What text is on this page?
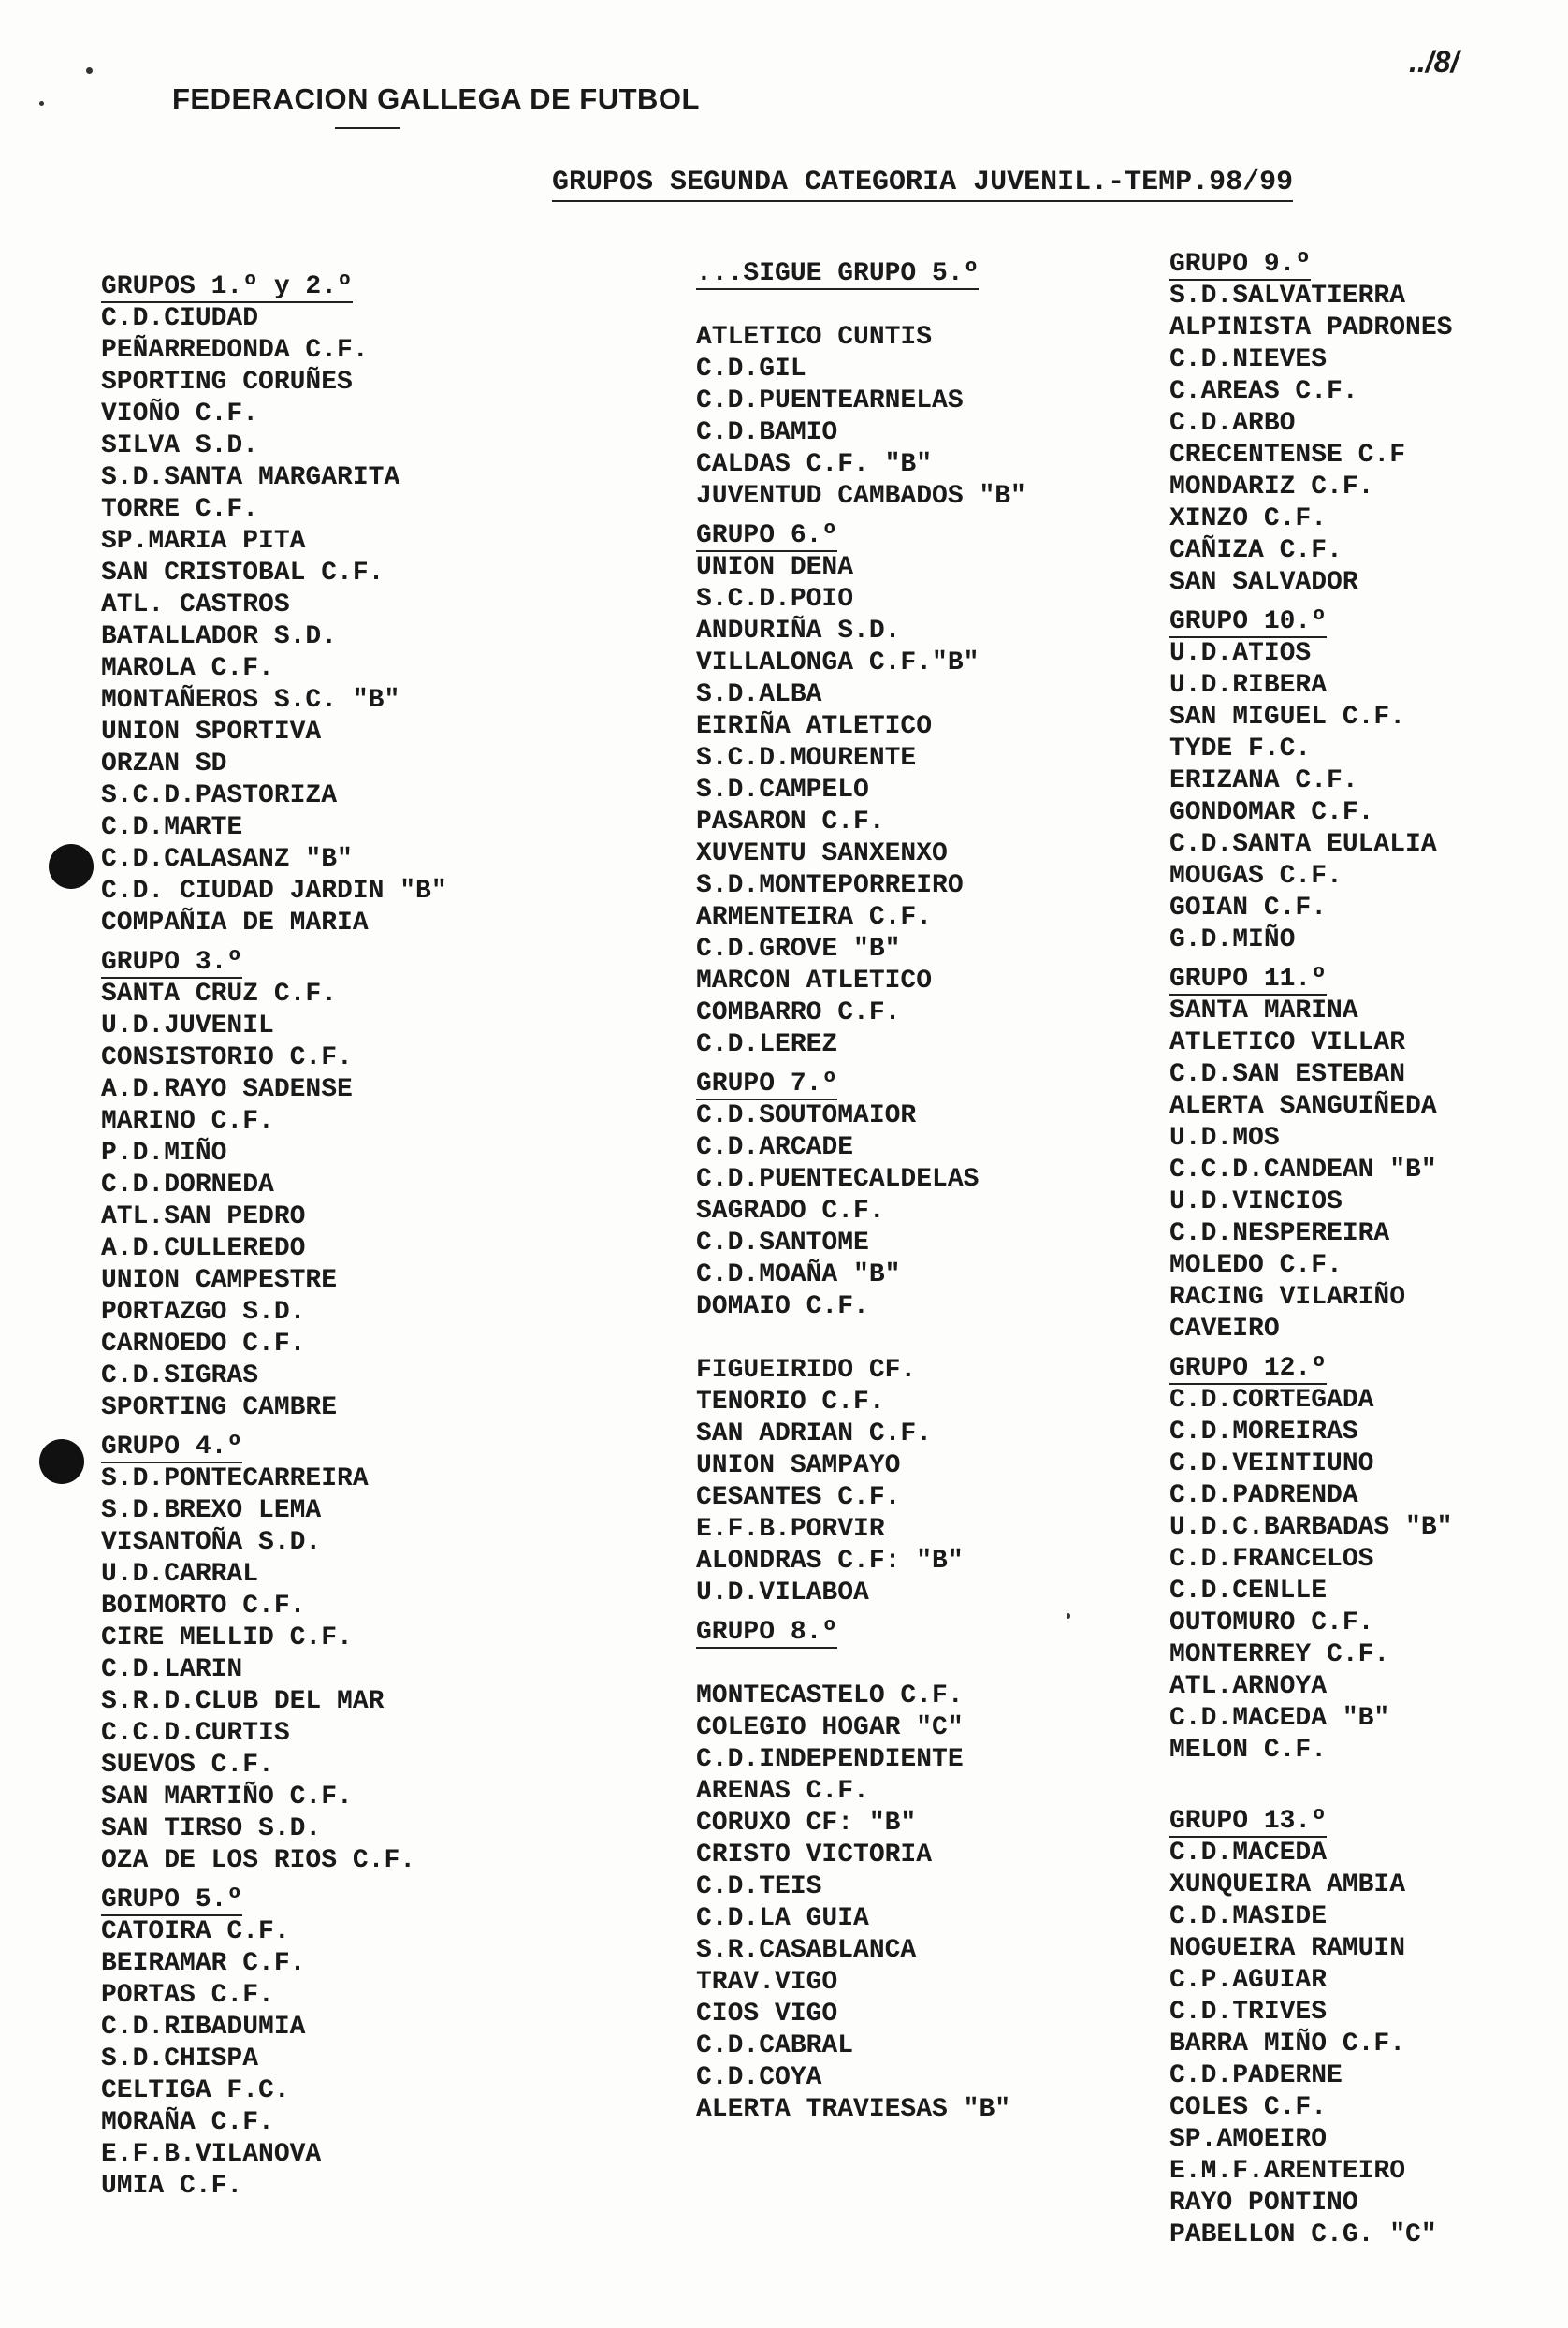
FEDERACION GALLEGA DE FUTBOL
../8/
GRUPOS SEGUNDA CATEGORIA JUVENIL.-TEMP.98/99
GRUPOS 1.º y 2.º
C.D.CIUDAD
PEÑARREDONDA C.F.
SPORTING CORUÑES
VIOÑO C.F.
SILVA S.D.
S.D.SANTA MARGARITA
TORRE C.F.
SP.MARIA PITA
SAN CRISTOBAL C.F.
ATL. CASTROS
BATALLADOR S.D.
MAROLA C.F.
MONTAÑEROS S.C. "B"
UNION SPORTIVA
ORZAN SD
S.C.D.PASTORIZA
C.D.MARTE
C.D.CALASANZ "B"
C.D. CIUDAD JARDIN "B"
COMPAÑIA DE MARIA
GRUPO 3.º
SANTA CRUZ C.F.
U.D.JUVENIL
CONSISTORIO C.F.
A.D.RAYO SADENSE
MARINO C.F.
P.D.MIÑO
C.D.DORNEDA
ATL.SAN PEDRO
A.D.CULLEREDO
UNION CAMPESTRE
PORTAZGO S.D.
CARNOEDO C.F.
C.D.SIGRAS
SPORTING CAMBRE
GRUPO 4.º
S.D.PONTECARREIRA
S.D.BREXO LEMA
VISANTOÑA S.D.
U.D.CARRAL
BOIMORTO C.F.
CIRE MELLID C.F.
C.D.LARIN
S.R.D.CLUB DEL MAR
C.C.D.CURTIS
SUEVOS C.F.
SAN MARTIÑO C.F.
SAN TIRSO S.D.
OZA DE LOS RIOS C.F.
GRUPO 5.º
CATOIRA C.F.
BEIRAMAR C.F.
PORTAS C.F.
C.D.RIBADUMIA
S.D.CHISPA
CELTIGA F.C.
MORAÑA C.F.
E.F.B.VILANOVA
UMIA C.F.
...SIGUE GRUPO 5.º
ATLETICO CUNTIS
C.D.GIL
C.D.PUENTEARNELAS
C.D.BAMIO
CALDAS C.F. "B"
JUVENTUD CAMBADOS "B"
GRUPO 6.º
UNION DENA
S.C.D.POIO
ANDURIÑA S.D.
VILLALONGA C.F."B"
S.D.ALBA
EIRIÑA ATLETICO
S.C.D.MOURENTE
S.D.CAMPELO
PASARON C.F.
XUVENTU SANXENXO
S.D.MONTEPORREIRO
ARMENTEIRA C.F.
C.D.GROVE "B"
MARCON ATLETICO
COMBARRO C.F.
C.D.LEREZ
GRUPO 7.º
C.D.SOUTOMAIOR
C.D.ARCADE
C.D.PUENTECALDELAS
SAGRADO C.F.
C.D.SANTOME
C.D.MOAÑA "B"
DOMAIO C.F.

FIGUEIRIDO CF.
TENORIO C.F.
SAN ADRIAN C.F.
UNION SAMPAYO
CESANTES C.F.
E.F.B.PORVIR
ALONDRAS C.F: "B"
U.D.VILABOA
GRUPO 8.º
MONTECASTELO C.F.
COLEGIO HOGAR "C"
C.D.INDEPENDIENTE
ARENAS C.F.
CORUXO CF: "B"
CRISTO VICTORIA
C.D.TEIS
C.D.LA GUIA
S.R.CASABLANCA
TRAV.VIGO
CIOS VIGO
C.D.CABRAL
C.D.COYA
ALERTA TRAVIESAS "B"
GRUPO 9.º
S.D.SALVATIERRA
ALPINISTA PADRONES
C.D.NIEVES
C.AREAS C.F.
C.D.ARBO
CRECENTENSE C.F
MONDARIZ C.F.
XINZO C.F.
CAÑIZA C.F.
SAN SALVADOR
GRUPO 10.º
U.D.ATIOS
U.D.RIBERA
SAN MIGUEL C.F.
TYDE F.C.
ERIZANA C.F.
GONDOMAR C.F.
C.D.SANTA EULALIA
MOUGAS C.F.
GOIAN C.F.
G.D.MIÑO
GRUPO 11.º
SANTA MARINA
ATLETICO VILLAR
C.D.SAN ESTEBAN
ALERTA SANGUIÑEDA
U.D.MOS
C.C.D.CANDEAN "B"
U.D.VINCIOS
C.D.NESPEREIRA
MOLEDO C.F.
RACING VILARIÑO
CAVEIRO
GRUPO 12.º
C.D.CORTEGADA
C.D.MOREIRAS
C.D.VEINTIUNO
C.D.PADRENDA
U.D.C.BARBADAS "B"
C.D.FRANCELOS
C.D.CENLLE
OUTOMURO C.F.
MONTERREY C.F.
ATL.ARNOYA
C.D.MACEDA "B"
MELON C.F.

GRUPO 13.º
C.D.MACEDA
XUNQUEIRA AMBIA
C.D.MASIDE
NOGUEIRA RAMUIN
C.P.AGUIAR
C.D.TRIVES
BARRA MIÑO C.F.
C.D.PADERNE
COLES C.F.
SP.AMOEIRO
E.M.F.ARENTEIRO
RAYO PONTINO
PABELLON C.G. "C"
